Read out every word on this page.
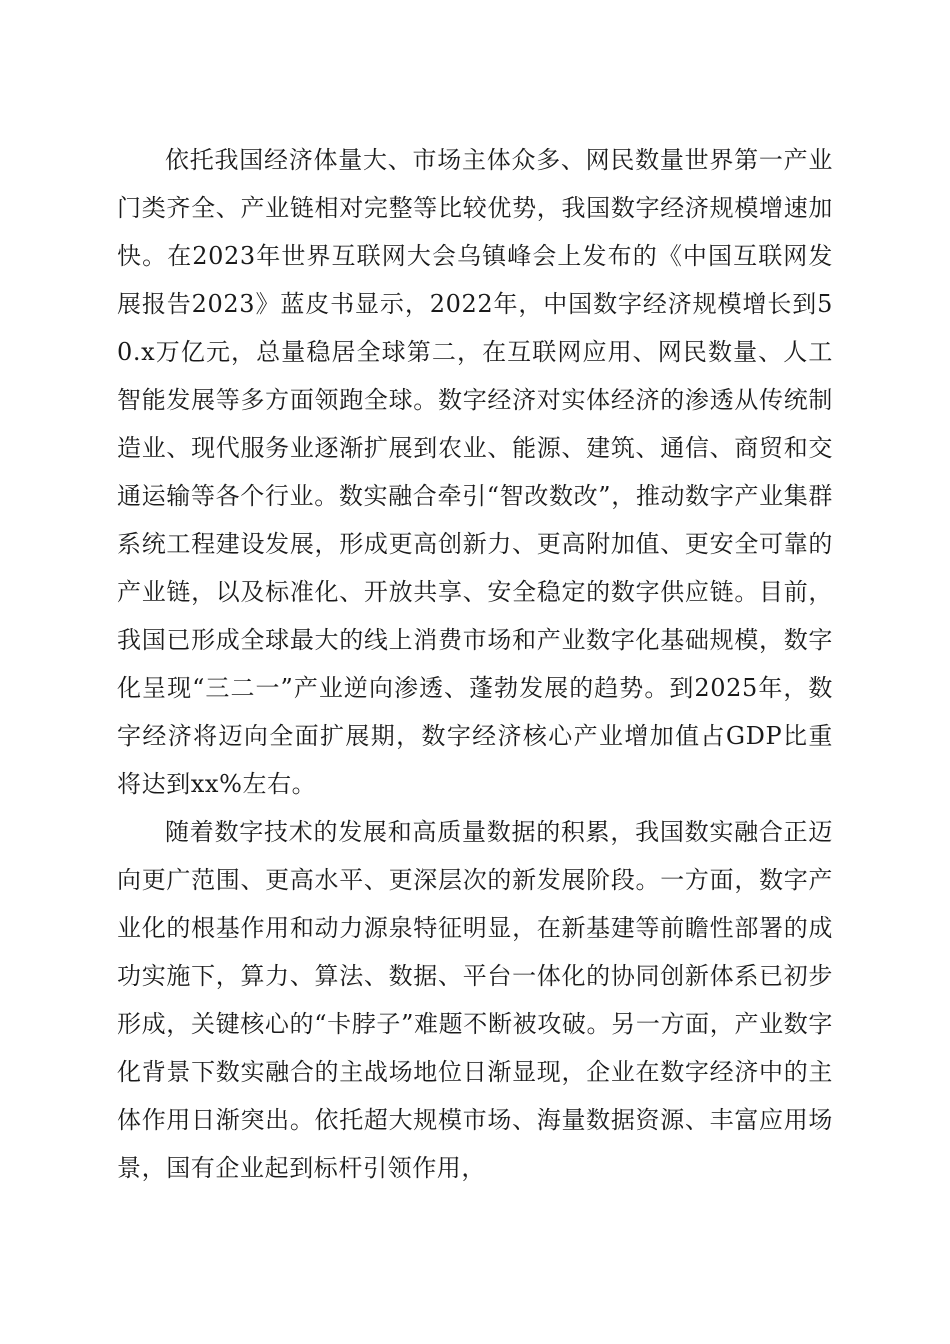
依托我国经济体量大、市场主体众多、网民数量世界第一产业门类齐全、产业链相对完整等比较优势，我国数字经济规模增速加快。在2023年世界互联网大会乌镇峰会上发布的《中国互联网发展报告2023》蓝皮书显示，2022年，中国数字经济规模增长到50.x万亿元，总量稳居全球第二，在互联网应用、网民数量、人工智能发展等多方面领跑全球。数字经济对实体经济的渗透从传统制造业、现代服务业逐渐扩展到农业、能源、建筑、通信、商贸和交通运输等各个行业。数实融合牵引“智改数改”，推动数字产业集群系统工程建设发展，形成更高创新力、更高附加值、更安全可靠的产业链，以及标准化、开放共享、安全稳定的数字供应链。目前，我国已形成全球最大的线上消费市场和产业数字化基础规模，数字化呈现“三二一”产业逆向渗透、蓬勃发展的趋势。到2025年，数字经济将迈向全面扩展期，数字经济核心产业增加值占GDP比重将达到xx%左右。

随着数字技术的发展和高质量数据的积累，我国数实融合正迈向更广范围、更高水平、更深层次的新发展阶段。一方面，数字产业化的根基作用和动力源泉特征明显，在新基建等前瞻性部署的成功实施下，算力、算法、数据、平台一体化的协同创新体系已初步形成，关键核心的“卡脖子”难题不断被攻破。另一方面，产业数字化背景下数实融合的主战场地位日渐显现，企业在数字经济中的主体作用日渐突出。依托超大规模市场、海量数据资源、丰富应用场景，国有企业起到标杆引领作用，
